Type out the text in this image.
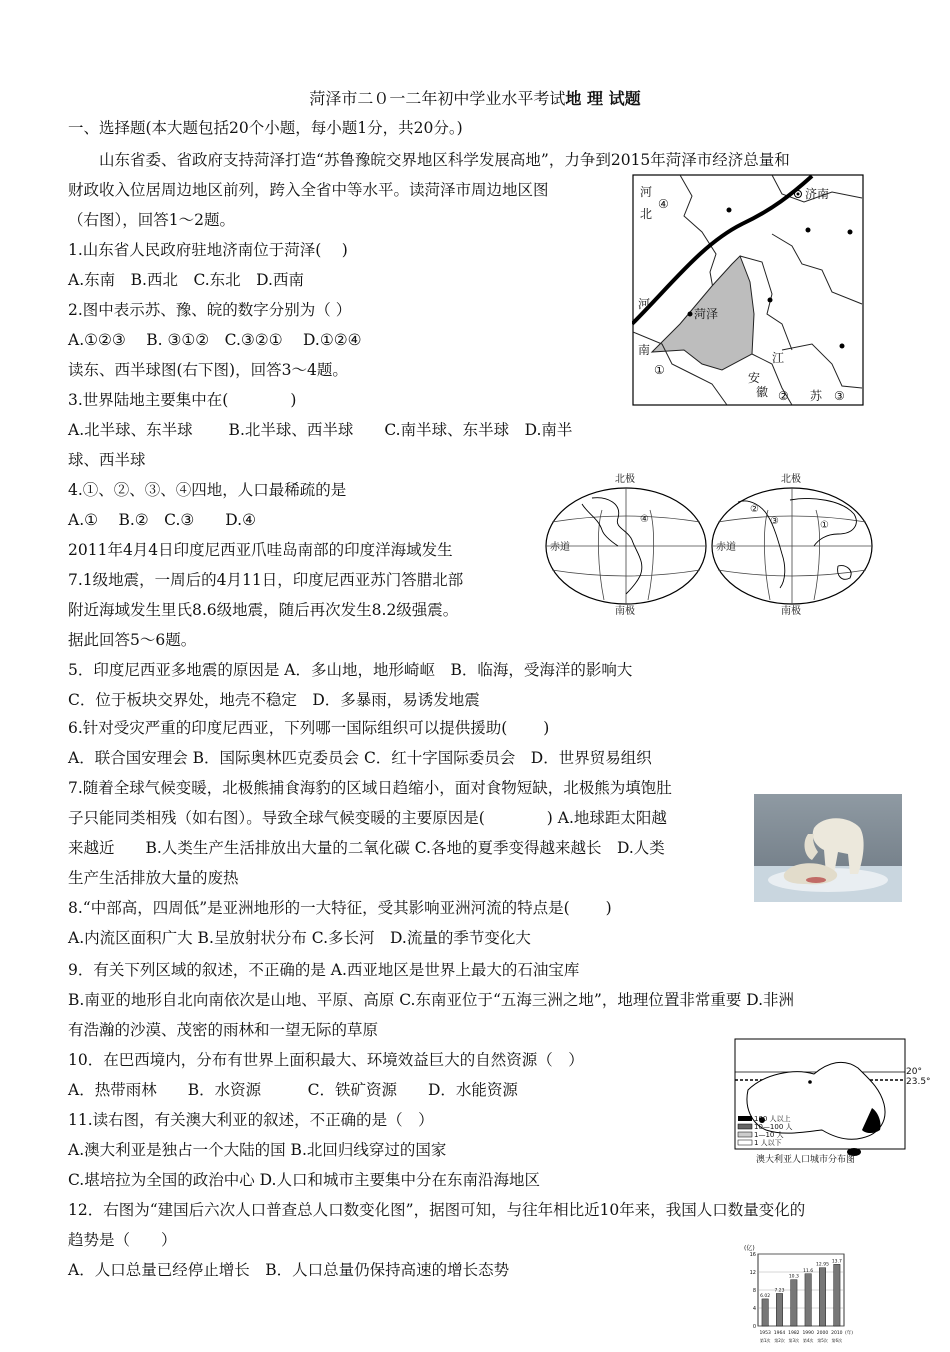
菏泽市二０一二年初中学业水平考试地 理 试题
一、选择题(本大题包括20个小题，每小题1分，共20分。)
　　山东省委、省政府支持菏泽打造“苏鲁豫皖交界地区科学发展高地”，力争到2015年菏泽市经济总量和
财政收入位居周边地区前列，跨入全省中等水平。读菏泽市周边地区图
（右图），回答1～2题。
1.山东省人民政府驻地济南位于菏泽(　 )
A.东南　B.西北　C.东北　D.西南
2.图中表示苏、豫、皖的数字分别为（ ）
A.①②③　 B. ③①②　C.③②①　 D.①②④
读东、西半球图(右下图)，回答3～4题。
3.世界陆地主要集中在(　　　　)
A.北半球、东半球　　 B.北半球、西半球　　C.南半球、东半球　D.南半
球、西半球
4.①、②、③、④四地，人口最稀疏的是
A.①　 B.②　C.③　　D.④
2011年4月4日印度尼西亚爪哇岛南部的印度洋海域发生
7.1级地震，一周后的4月11日，印度尼西亚苏门答腊北部
附近海域发生里氏8.6级地震，随后再次发生8.2级强震。
据此回答5～6题。
5．印度尼西亚多地震的原因是 A．多山地，地形崎岖　B．临海，受海洋的影响大
C．位于板块交界处，地壳不稳定　D．多暴雨，易诱发地震
6.针对受灾严重的印度尼西亚，下列哪一国际组织可以提供援助(　　 )
A．联合国安理会 B．国际奥林匹克委员会 C．红十字国际委员会　D．世界贸易组织
7.随着全球气候变暖，北极熊捕食海豹的区域日趋缩小，面对食物短缺，北极熊为填饱肚
子只能同类相残（如右图）。导致全球气候变暖的主要原因是(　　　　) A.地球距太阳越
来越近　　B.人类生产生活排放出大量的二氧化碳 C.各地的夏季变得越来越长　D.人类
生产生活排放大量的废热
8.“中部高，四周低”是亚洲地形的一大特征，受其影响亚洲河流的特点是(　　 )
A.内流区面积广大 B.呈放射状分布 C.多长河　D.流量的季节变化大
9．有关下列区域的叙述，不正确的是 A.西亚地区是世界上最大的石油宝库
B.南亚的地形自北向南依次是山地、平原、高原 C.东南亚位于“五海三洲之地”，地理位置非常重要 D.非洲
有浩瀚的沙漠、茂密的雨林和一望无际的草原
10．在巴西境内，分布有世界上面积最大、环境效益巨大的自然资源（　）
A．热带雨林　　B．水资源　　　C．铁矿资源　　D．水能资源
11.读右图，有关澳大利亚的叙述，不正确的是（　）
A.澳大利亚是独占一个大陆的国 B.北回归线穿过的国家
C.堪培拉为全国的政治中心 D.人口和城市主要集中分在东南沿海地区
12．右图为“建国后六次人口普查总人口数变化图”，据图可知，与往年相比近10年来，我国人口数量变化的
趋势是（　　）
A．人口总量已经停止增长　B．人口总量仍保持高速的增长态势
河
北
④
济南
河
南
①
菏泽
江
安
徽 ② 苏 ③
北极	北极
赤道	赤道
南极	南极
④
②
③	①
20°
23.5°
100 人以上
10—100 人
1—10 人
1 人以下
澳大利亚人口城市分布图
0
4
8
12
16
(亿)
6.02
1953
第1次
7.23
1964
第2次
10.3
1982
第3次
11.6
1990
第4次
12.95
2000
第5次
13.7
2010
第6次
(年)
